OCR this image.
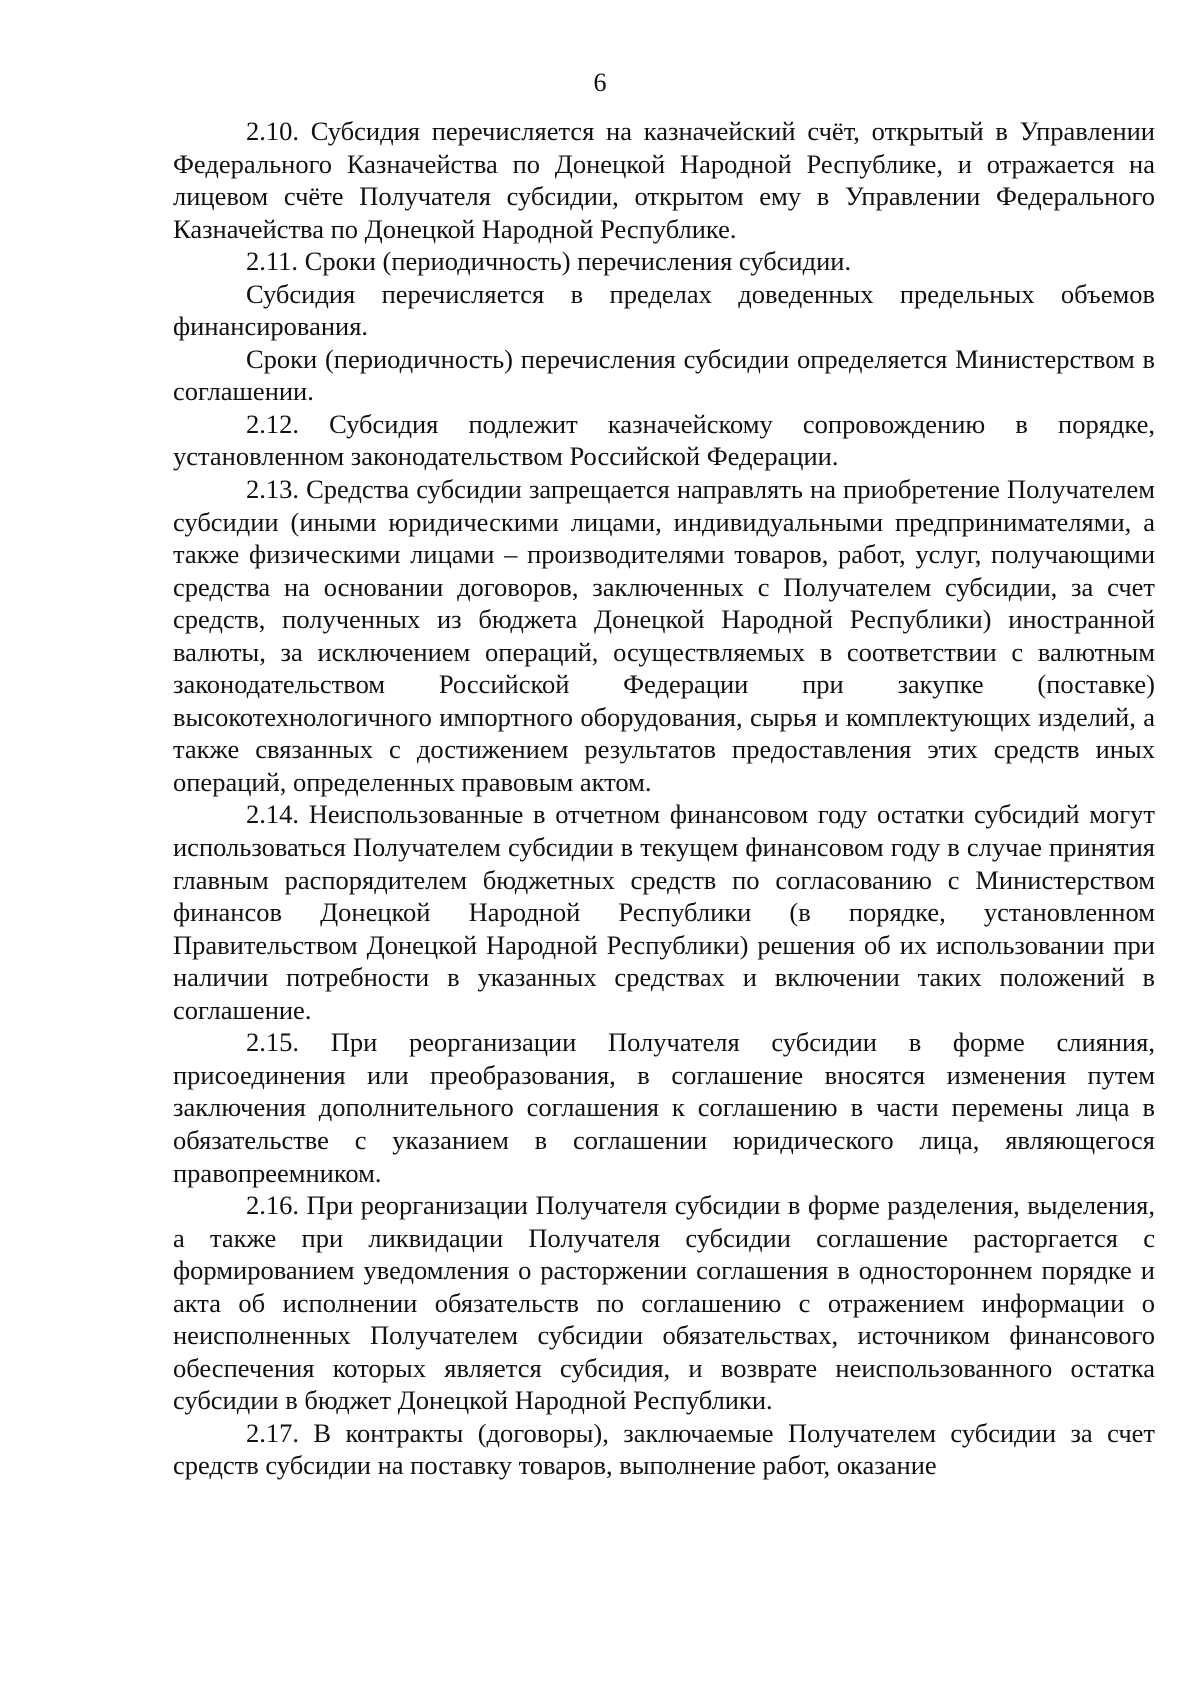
6

2.10. Субсидия перечисляется на казначейский счёт, открытый в Управлении Федерального Казначейства по Донецкой Народной Республике, и отражается на лицевом счёте Получателя субсидии, открытом ему в Управлении Федерального Казначейства по Донецкой Народной Республике.

2.11. Сроки (периодичность) перечисления субсидии.

Субсидия перечисляется в пределах доведенных предельных объемов финансирования.

Сроки (периодичность) перечисления субсидии определяется Министерством в соглашении.

2.12. Субсидия подлежит казначейскому сопровождению в порядке, установленном законодательством Российской Федерации.

2.13. Средства субсидии запрещается направлять на приобретение Получателем субсидии (иными юридическими лицами, индивидуальными предпринимателями, а также физическими лицами – производителями товаров, работ, услуг, получающими средства на основании договоров, заключенных с Получателем субсидии, за счет средств, полученных из бюджета Донецкой Народной Республики) иностранной валюты, за исключением операций, осуществляемых в соответствии с валютным законодательством Российской Федерации при закупке (поставке) высокотехнологичного импортного оборудования, сырья и комплектующих изделий, а также связанных с достижением результатов предоставления этих средств иных операций, определенных правовым актом.

2.14. Неиспользованные в отчетном финансовом году остатки субсидий могут использоваться Получателем субсидии в текущем финансовом году в случае принятия главным распорядителем бюджетных средств по согласованию с Министерством финансов Донецкой Народной Республики (в порядке, установленном Правительством Донецкой Народной Республики) решения об их использовании при наличии потребности в указанных средствах и включении таких положений в соглашение.

2.15. При реорганизации Получателя субсидии в форме слияния, присоединения или преобразования, в соглашение вносятся изменения путем заключения дополнительного соглашения к соглашению в части перемены лица в обязательстве с указанием в соглашении юридического лица, являющегося правопреемником.

2.16. При реорганизации Получателя субсидии в форме разделения, выделения, а также при ликвидации Получателя субсидии соглашение расторгается с формированием уведомления о расторжении соглашения в одностороннем порядке и акта об исполнении обязательств по соглашению с отражением информации о неисполненных Получателем субсидии обязательствах, источником финансового обеспечения которых является субсидия, и возврате неиспользованного остатка субсидии в бюджет Донецкой Народной Республики.

2.17. В контракты (договоры), заключаемые Получателем субсидии за счет средств субсидии на поставку товаров, выполнение работ, оказание
